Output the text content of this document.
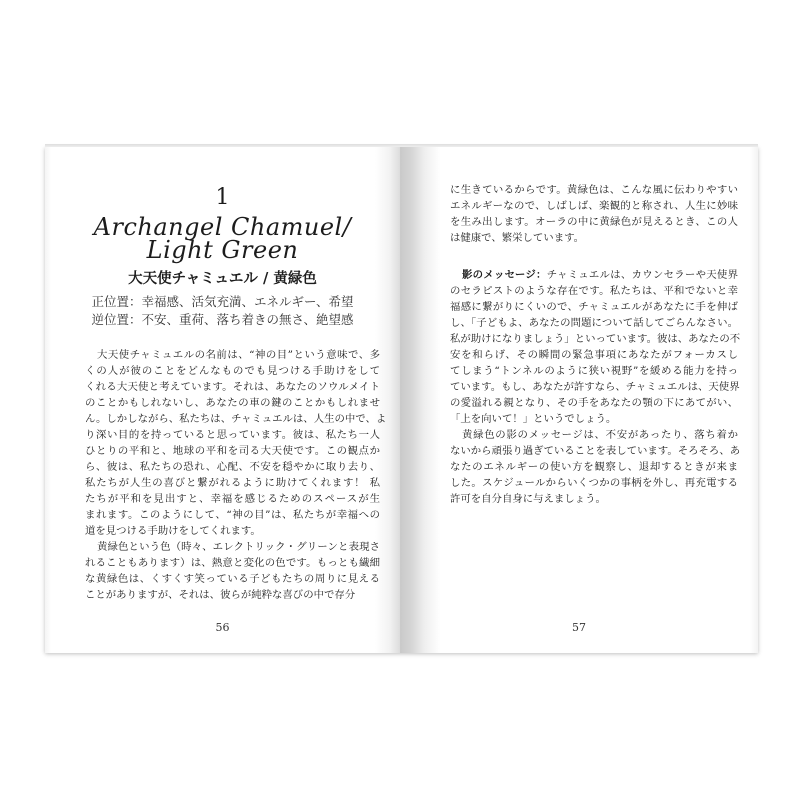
1
Archangel Chamuel/
Light Green
大天使チャミュエル / 黄緑色
正位置：幸福感、活気充満、エネルギー、希望
逆位置：不安、重荷、落ち着きの無さ、絶望感
56
大天使チャミュエルの名前は、“神の目”という意味で、多
くの人が彼のことをどんなものでも見つける手助けをして
くれる大天使と考えています。それは、あなたのソウルメイト
のことかもしれないし、あなたの車の鍵のことかもしれませ
ん。しかしながら、私たちは、チャミュエルは、人生の中で、よ
り深い目的を持っていると思っています。彼は、私たち一人
ひとりの平和と、地球の平和を司る大天使です。この観点か
ら、彼は、私たちの恐れ、心配、不安を穏やかに取り去り、
私たちが人生の喜びと繋がれるように助けてくれます！ 私
たちが平和を見出すと、幸福を感じるためのスペースが生
まれます。このようにして、“神の目”は、私たちが幸福への
道を見つける手助けをしてくれます。
黄緑色という色（時々、エレクトリック・グリーンと表現さ
れることもあります）は、熱意と変化の色です。もっとも繊細
な黄緑色は、くすくす笑っている子どもたちの周りに見える
ことがありますが、それは、彼らが純粋な喜びの中で存分
57
に生きているからです。黄緑色は、こんな風に伝わりやすい
エネルギーなので、しばしば、楽観的と称され、人生に妙味
を生み出します。オーラの中に黄緑色が見えるとき、この人
は健康で、繁栄しています。
影のメッセージ：チャミュエルは、カウンセラーや天使界
のセラピストのような存在です。私たちは、平和でないと幸
福感に繋がりにくいので、チャミュエルがあなたに手を伸ば
し、「子どもよ、あなたの問題について話してごらんなさい。
私が助けになりましょう」といっています。彼は、あなたの不
安を和らげ、その瞬間の緊急事項にあなたがフォーカスし
てしまう“トンネルのように狭い視野”を緩める能力を持っ
ています。もし、あなたが許すなら、チャミュエルは、天使界
の愛溢れる親となり、その手をあなたの顎の下にあてがい、
「上を向いて！」というでしょう。
黄緑色の影のメッセージは、不安があったり、落ち着か
ないから頑張り過ぎていることを表しています。そろそろ、あ
なたのエネルギーの使い方を観察し、退却するときが来ま
した。スケジュールからいくつかの事柄を外し、再充電する
許可を自分自身に与えましょう。
